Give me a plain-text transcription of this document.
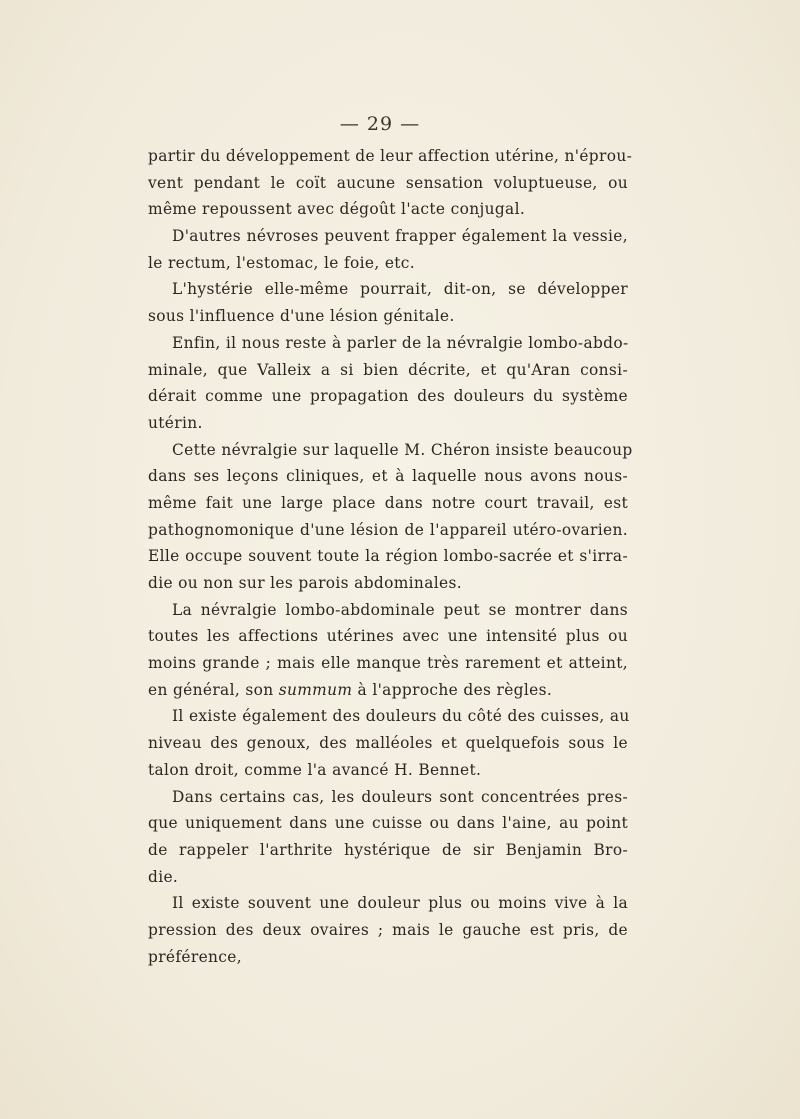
— 29 —
partir du développement de leur affection utérine, n'éprou-
vent pendant le coït aucune sensation voluptueuse, ou
même repoussent avec dégoût l'acte conjugal.
D'autres névroses peuvent frapper également la vessie,
le rectum, l'estomac, le foie, etc.
L'hystérie elle-même pourrait, dit-on, se développer
sous l'influence d'une lésion génitale.
Enfin, il nous reste à parler de la névralgie lombo-abdo-
minale, que Valleix a si bien décrite, et qu'Aran consi-
dérait comme une propagation des douleurs du système
utérin.
Cette névralgie sur laquelle M. Chéron insiste beaucoup
dans ses leçons cliniques, et à laquelle nous avons nous-
même fait une large place dans notre court travail, est
pathognomonique d'une lésion de l'appareil utéro-ovarien.
Elle occupe souvent toute la région lombo-sacrée et s'irra-
die ou non sur les parois abdominales.
La névralgie lombo-abdominale peut se montrer dans
toutes les affections utérines avec une intensité plus ou
moins grande ; mais elle manque très rarement et atteint,
en général, son summum à l'approche des règles.
Il existe également des douleurs du côté des cuisses, au
niveau des genoux, des malléoles et quelquefois sous le
talon droit, comme l'a avancé H. Bennet.
Dans certains cas, les douleurs sont concentrées pres-
que uniquement dans une cuisse ou dans l'aine, au point
de rappeler l'arthrite hystérique de sir Benjamin Bro-
die.
Il existe souvent une douleur plus ou moins vive à la
pression des deux ovaires ; mais le gauche est pris, de
préférence,
